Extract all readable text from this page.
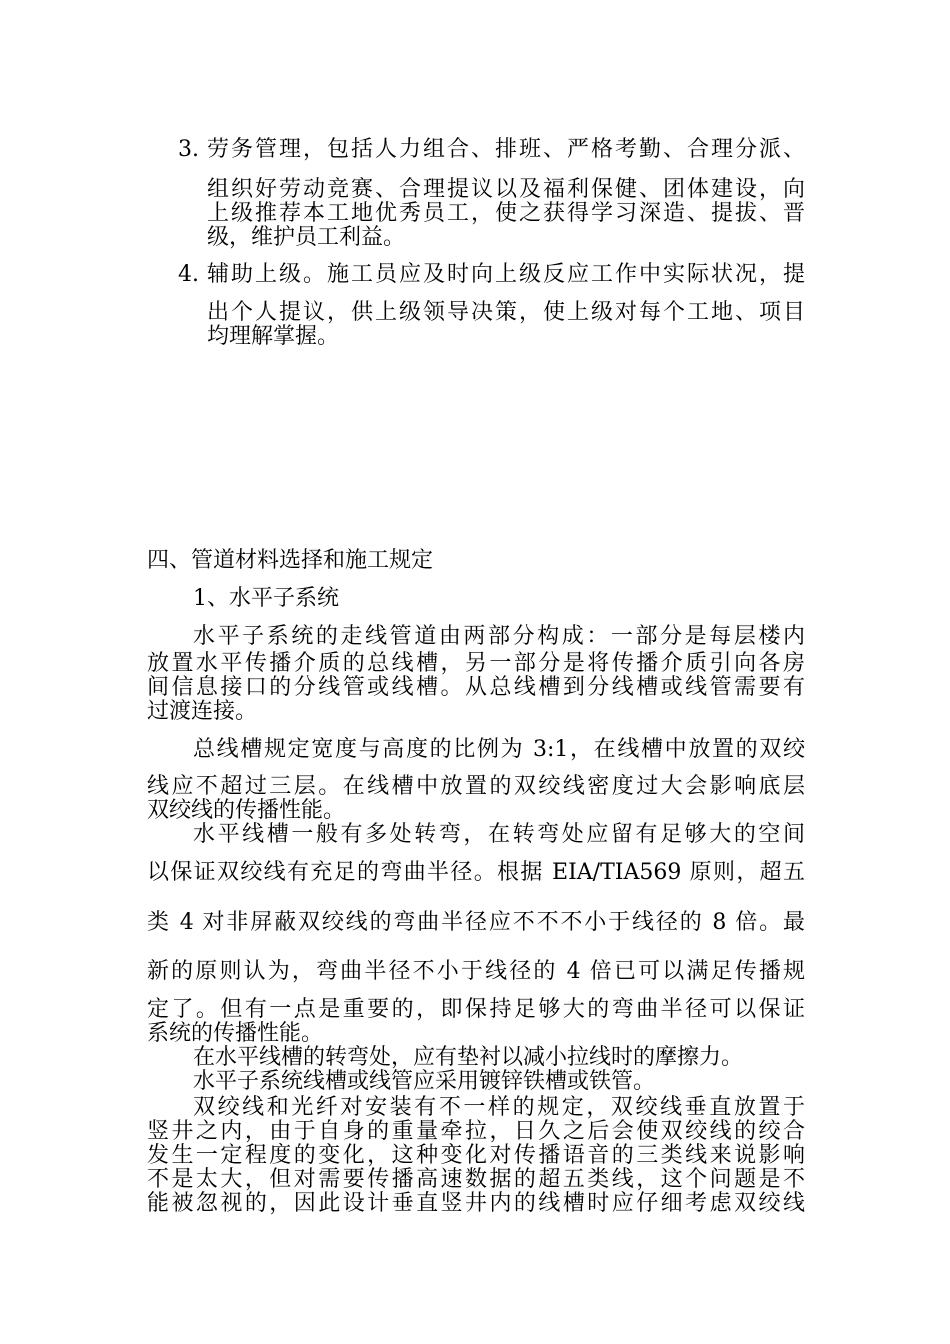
3. 劳务管理，包括人力组合、排班、严格考勤、合理分派、

组织好劳动竞赛、合理提议以及福利保健、团体建设，向

上级推荐本工地优秀员工，使之获得学习深造、提拔、晋

级，维护员工利益。

4. 辅助上级。施工员应及时向上级反应工作中实际状况，提

出个人提议，供上级领导决策，使上级对每个工地、项目

均理解掌握。

四、管道材料选择和施工规定

1、水平子系统

水平子系统的走线管道由两部分构成：一部分是每层楼内

放置水平传播介质的总线槽，另一部分是将传播介质引向各房

间信息接口的分线管或线槽。从总线槽到分线槽或线管需要有

过渡连接。

总线槽规定宽度与高度的比例为 3:1，在线槽中放置的双绞

线应不超过三层。在线槽中放置的双绞线密度过大会影响底层

双绞线的传播性能。

水平线槽一般有多处转弯，在转弯处应留有足够大的空间

以保证双绞线有充足的弯曲半径。根据 EIA/TIA569 原则，超五

类 4 对非屏蔽双绞线的弯曲半径应不不不小于线径的 8 倍。最

新的原则认为，弯曲半径不小于线径的 4 倍已可以满足传播规

定了。但有一点是重要的，即保持足够大的弯曲半径可以保证

系统的传播性能。

在水平线槽的转弯处，应有垫衬以减小拉线时的摩擦力。

水平子系统线槽或线管应采用镀锌铁槽或铁管。

双绞线和光纤对安装有不一样的规定，双绞线垂直放置于

竖井之内，由于自身的重量牵拉，日久之后会使双绞线的绞合

发生一定程度的变化，这种变化对传播语音的三类线来说影响

不是太大，但对需要传播高速数据的超五类线，这个问题是不

能被忽视的，因此设计垂直竖井内的线槽时应仔细考虑双绞线
